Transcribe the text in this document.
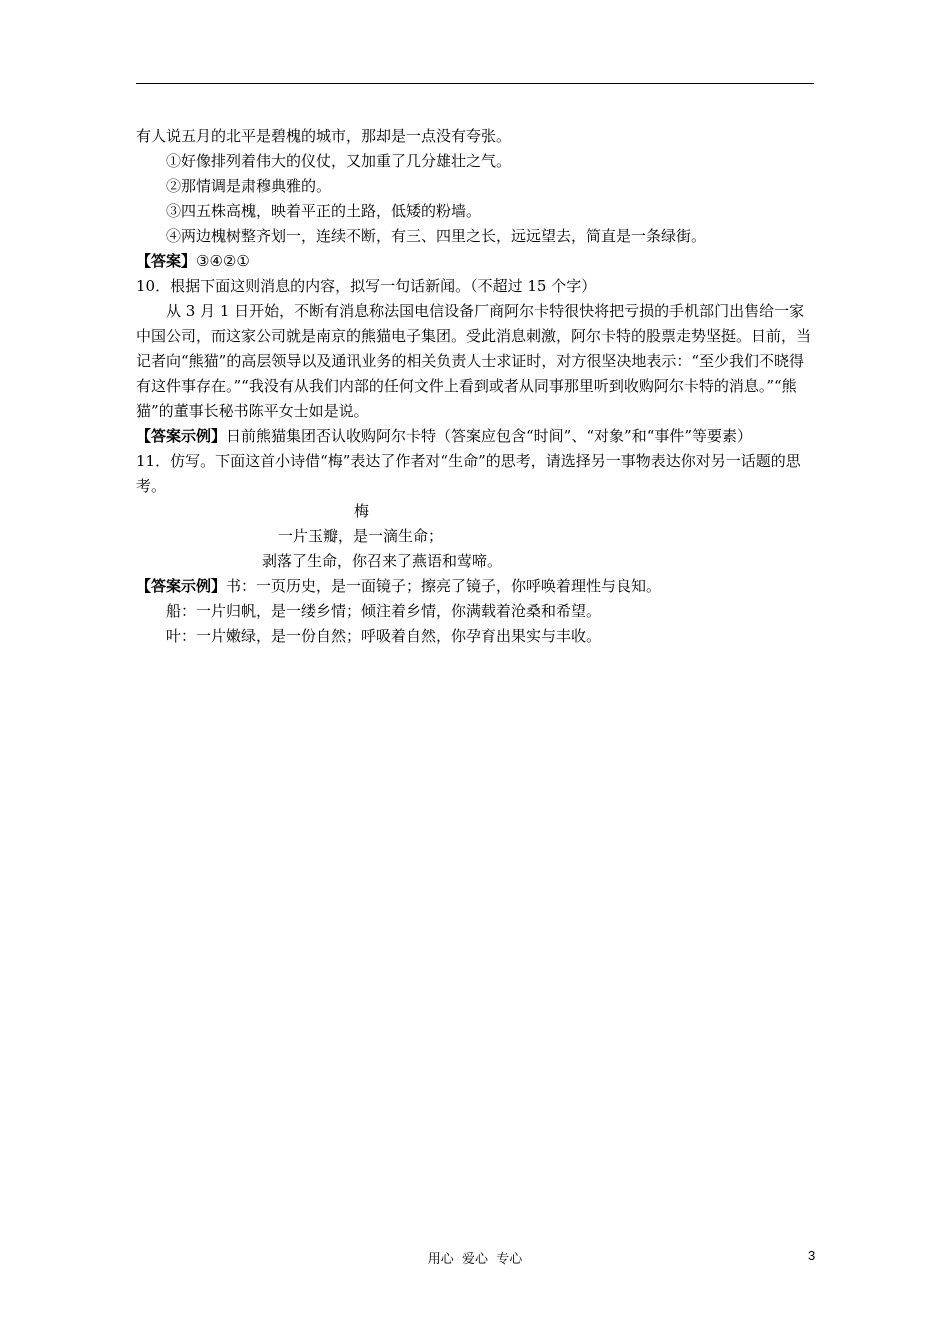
有人说五月的北平是碧槐的城市，那却是一点没有夸张。
①好像排列着伟大的仪仗，又加重了几分雄壮之气。
②那情调是肃穆典雅的。
③四五株高槐，映着平正的土路，低矮的粉墙。
④两边槐树整齐划一，连续不断，有三、四里之长，远远望去，简直是一条绿街。
【答案】③④②①
10．根据下面这则消息的内容，拟写一句话新闻。（不超过 15 个字）
从 3 月 1 日开始，不断有消息称法国电信设备厂商阿尔卡特很快将把亏损的手机部门出售给一家中国公司，而这家公司就是南京的熊猫电子集团。受此消息刺激，阿尔卡特的股票走势坚挺。日前，当记者向“熊猫”的高层领导以及通讯业务的相关负责人士求证时，对方很坚决地表示：“至少我们不晓得有这件事存在。”“我没有从我们内部的任何文件上看到或者从同事那里听到收购阿尔卡特的消息。”“熊猫”的董事长秘书陈平女士如是说。
【答案示例】日前熊猫集团否认收购阿尔卡特（答案应包含“时间”、“对象”和“事件”等要素）
11．仿写。下面这首小诗借“梅”表达了作者对“生命”的思考，请选择另一事物表达你对另一话题的思考。
梅
一片玉瓣，是一滴生命；
剥落了生命，你召来了燕语和莺啼。
【答案示例】书：一页历史，是一面镜子；擦亮了镜子，你呼唤着理性与良知。
船：一片归帆，是一缕乡情；倾注着乡情，你满载着沧桑和希望。
叶：一片嫩绿，是一份自然；呼吸着自然，你孕育出果实与丰收。
用心  爱心  专心	3
